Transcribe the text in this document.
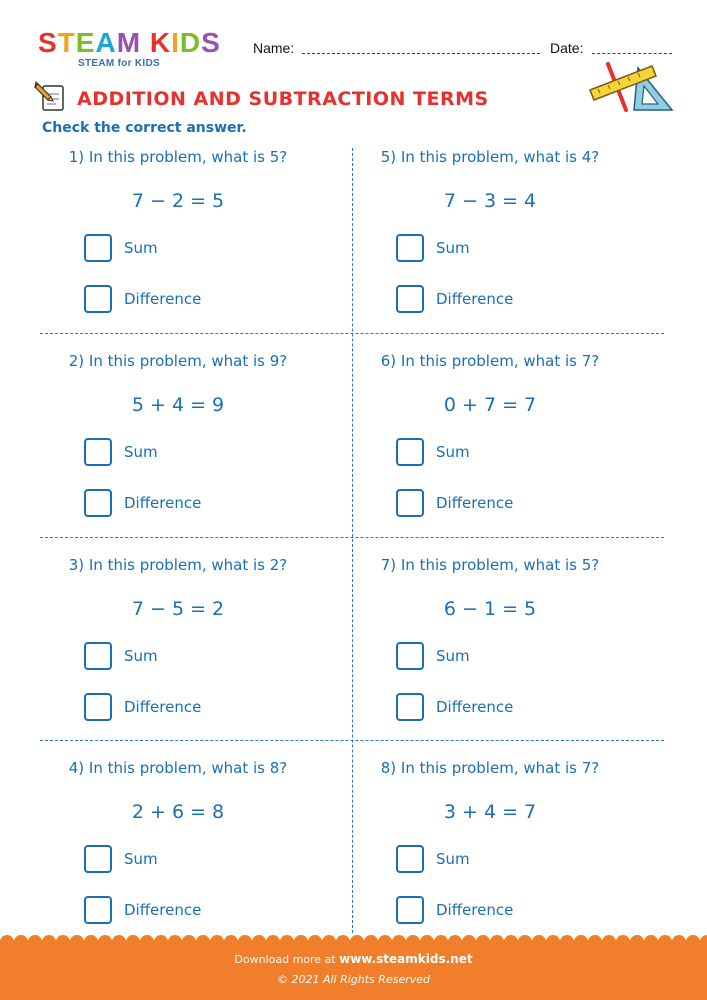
STEAM KIDS
STEAM for KIDS
Name:	Date:
ADDITION AND SUBTRACTION TERMS
Check the correct answer.
1) In this problem, what is 5?
7 − 2 = 5
Sum
Difference
2) In this problem, what is 9?
5 + 4 = 9
Sum
Difference
3) In this problem, what is 2?
7 − 5 = 2
Sum
Difference
4) In this problem, what is 8?
2 + 6 = 8
Sum
Difference
5) In this problem, what is 4?
7 − 3 = 4
Sum
Difference
6) In this problem, what is 7?
0 + 7 = 7
Sum
Difference
7) In this problem, what is 5?
6 − 1 = 5
Sum
Difference
8) In this problem, what is 7?
3 + 4 = 7
Sum
Difference
Download more at www.steamkids.net
© 2021 All Rights Reserved
